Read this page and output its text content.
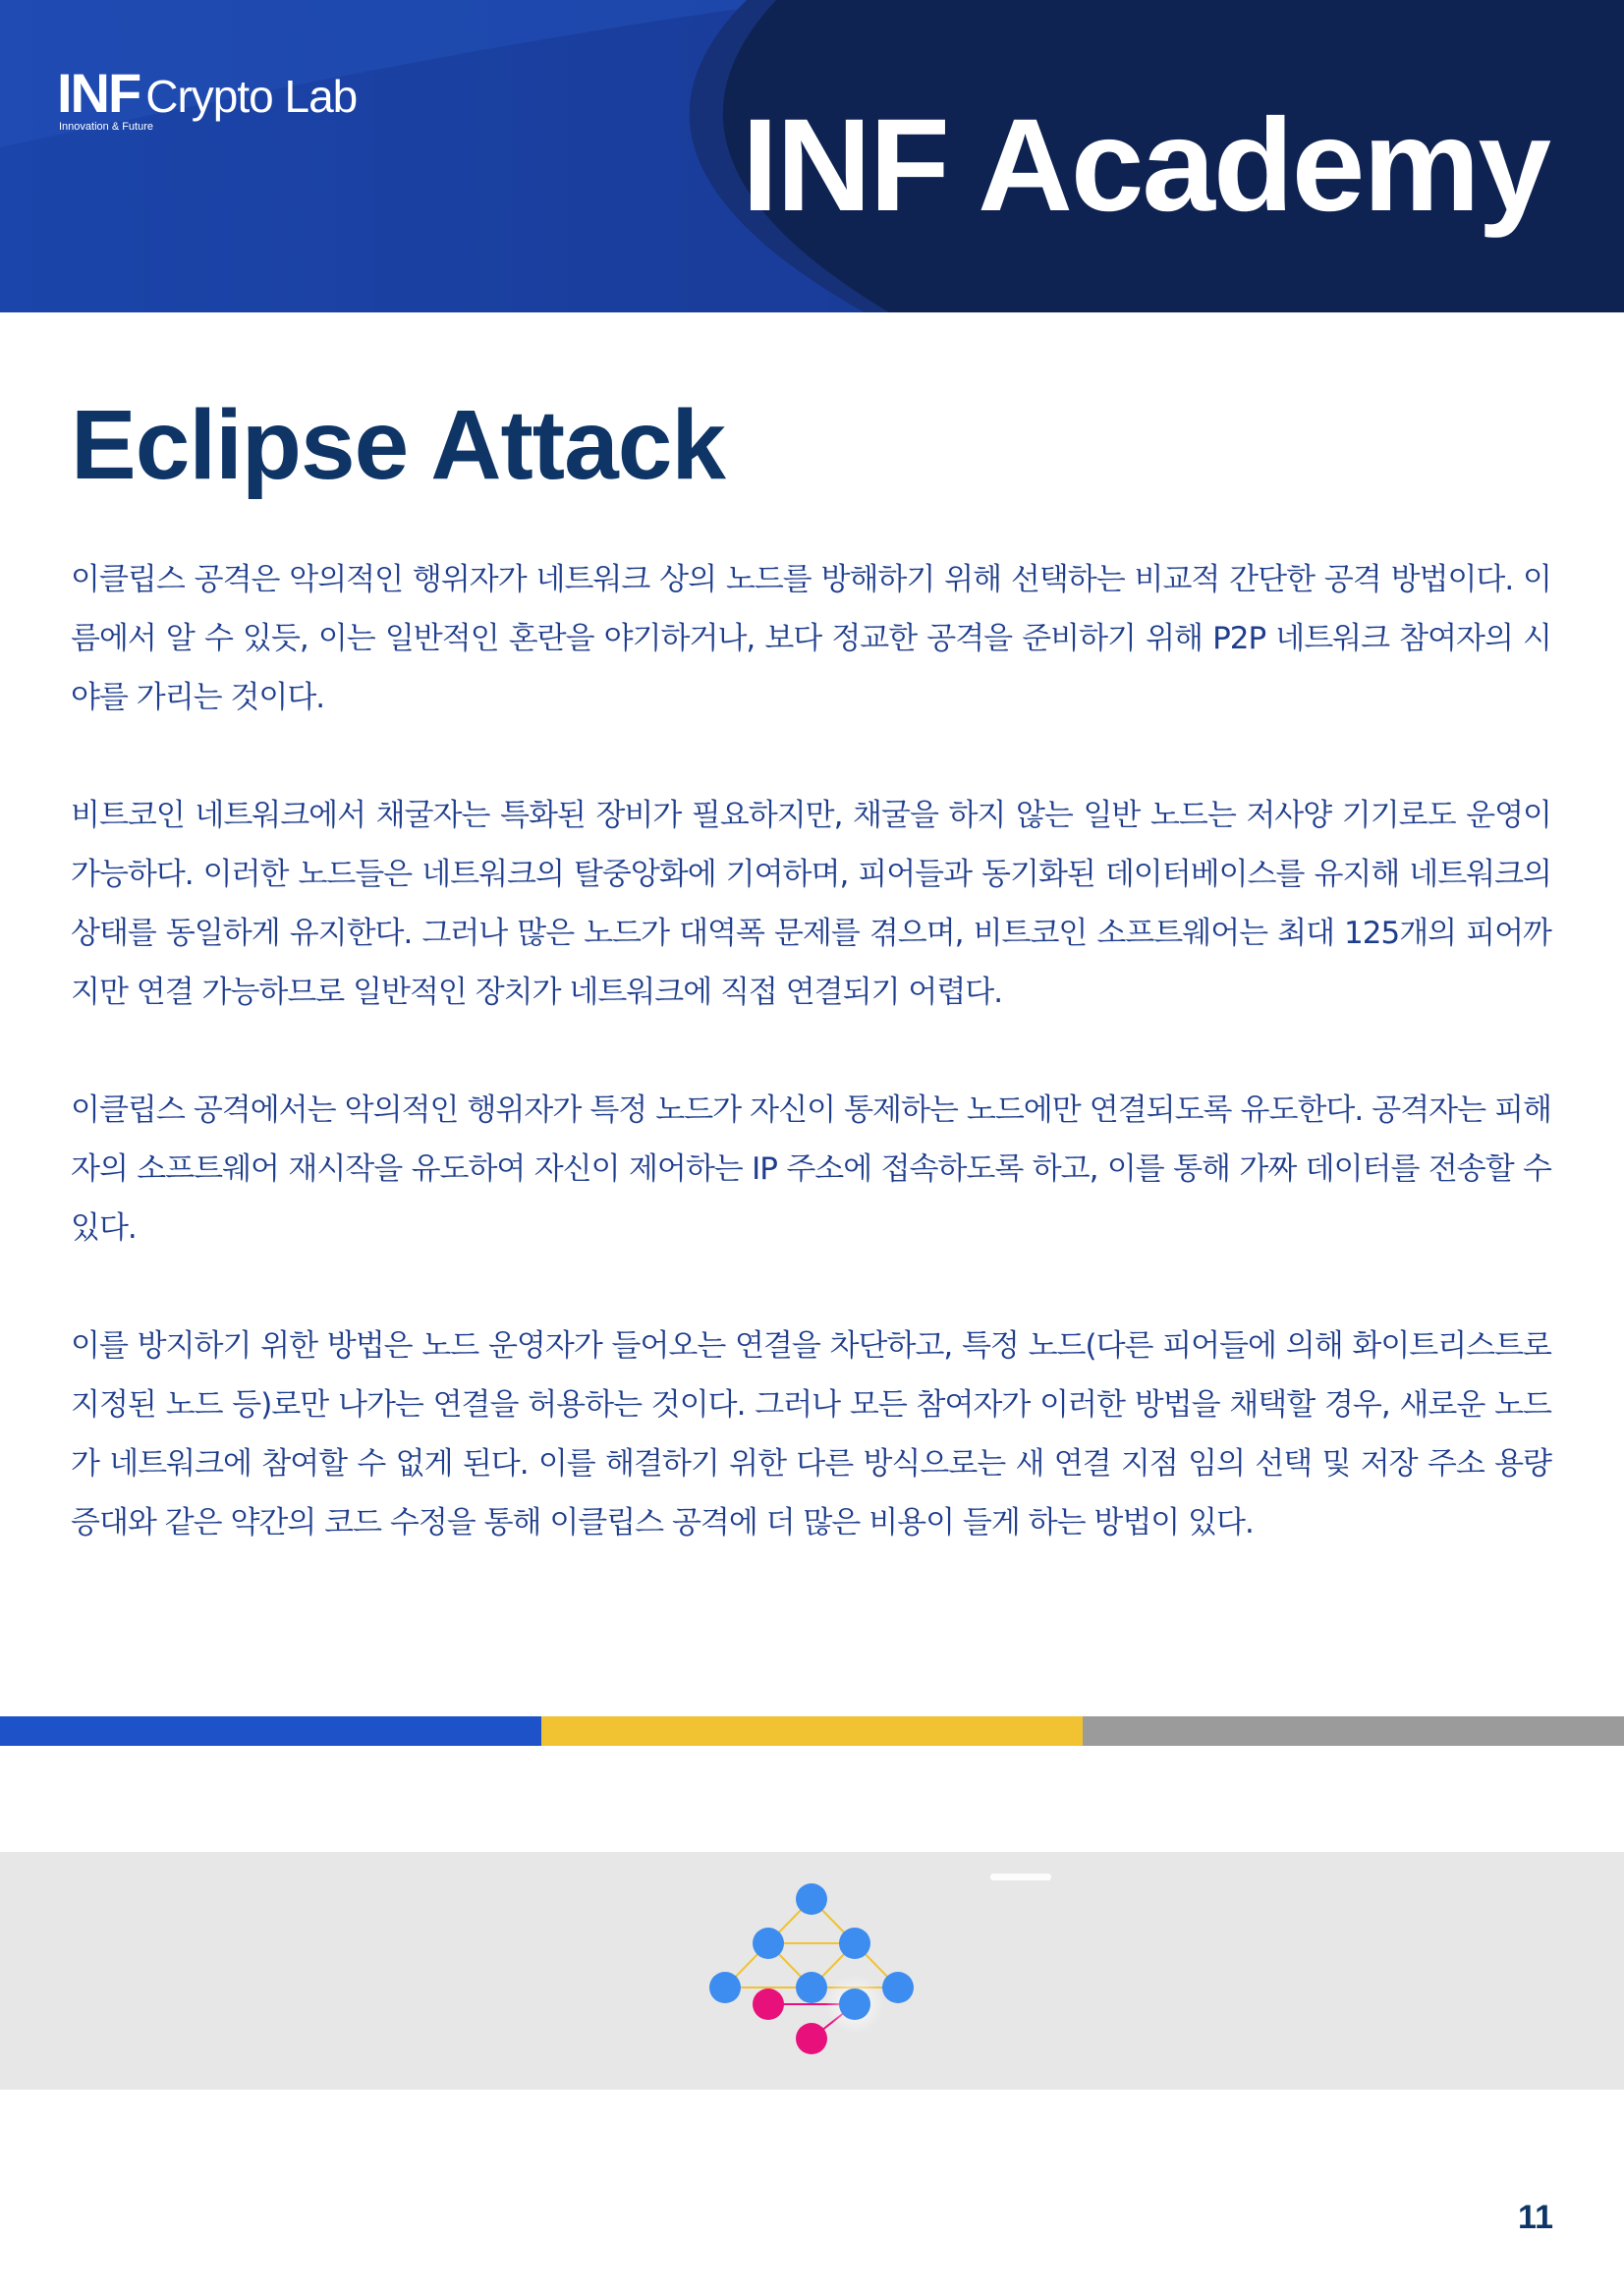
INF Crypto Lab
Innovation & Future	INF Academy
Eclipse Attack

이클립스 공격은 악의적인 행위자가 네트워크 상의 노드를 방해하기 위해 선택하는 비교적 간단한 공격 방법이다. 이름에서 알 수 있듯, 이는 일반적인 혼란을 야기하거나, 보다 정교한 공격을 준비하기 위해 P2P 네트워크 참여자의 시야를 가리는 것이다.

비트코인 네트워크에서 채굴자는 특화된 장비가 필요하지만, 채굴을 하지 않는 일반 노드는 저사양 기기로도 운영이 가능하다. 이러한 노드들은 네트워크의 탈중앙화에 기여하며, 피어들과 동기화된 데이터베이스를 유지해 네트워크의 상태를 동일하게 유지한다. 그러나 많은 노드가 대역폭 문제를 겪으며, 비트코인 소프트웨어는 최대 125개의 피어까지만 연결 가능하므로 일반적인 장치가 네트워크에 직접 연결되기 어렵다.

이클립스 공격에서는 악의적인 행위자가 특정 노드가 자신이 통제하는 노드에만 연결되도록 유도한다. 공격자는 피해자의 소프트웨어 재시작을 유도하여 자신이 제어하는 IP 주소에 접속하도록 하고, 이를 통해 가짜 데이터를 전송할 수 있다.

이를 방지하기 위한 방법은 노드 운영자가 들어오는 연결을 차단하고, 특정 노드(다른 피어들에 의해 화이트리스트로 지정된 노드 등)로만 나가는 연결을 허용하는 것이다. 그러나 모든 참여자가 이러한 방법을 채택할 경우, 새로운 노드가 네트워크에 참여할 수 없게 된다. 이를 해결하기 위한 다른 방식으로는 새 연결 지점 임의 선택 및 저장 주소 용량 증대와 같은 약간의 코드 수정을 통해 이클립스 공격에 더 많은 비용이 들게 하는 방법이 있다.

11
